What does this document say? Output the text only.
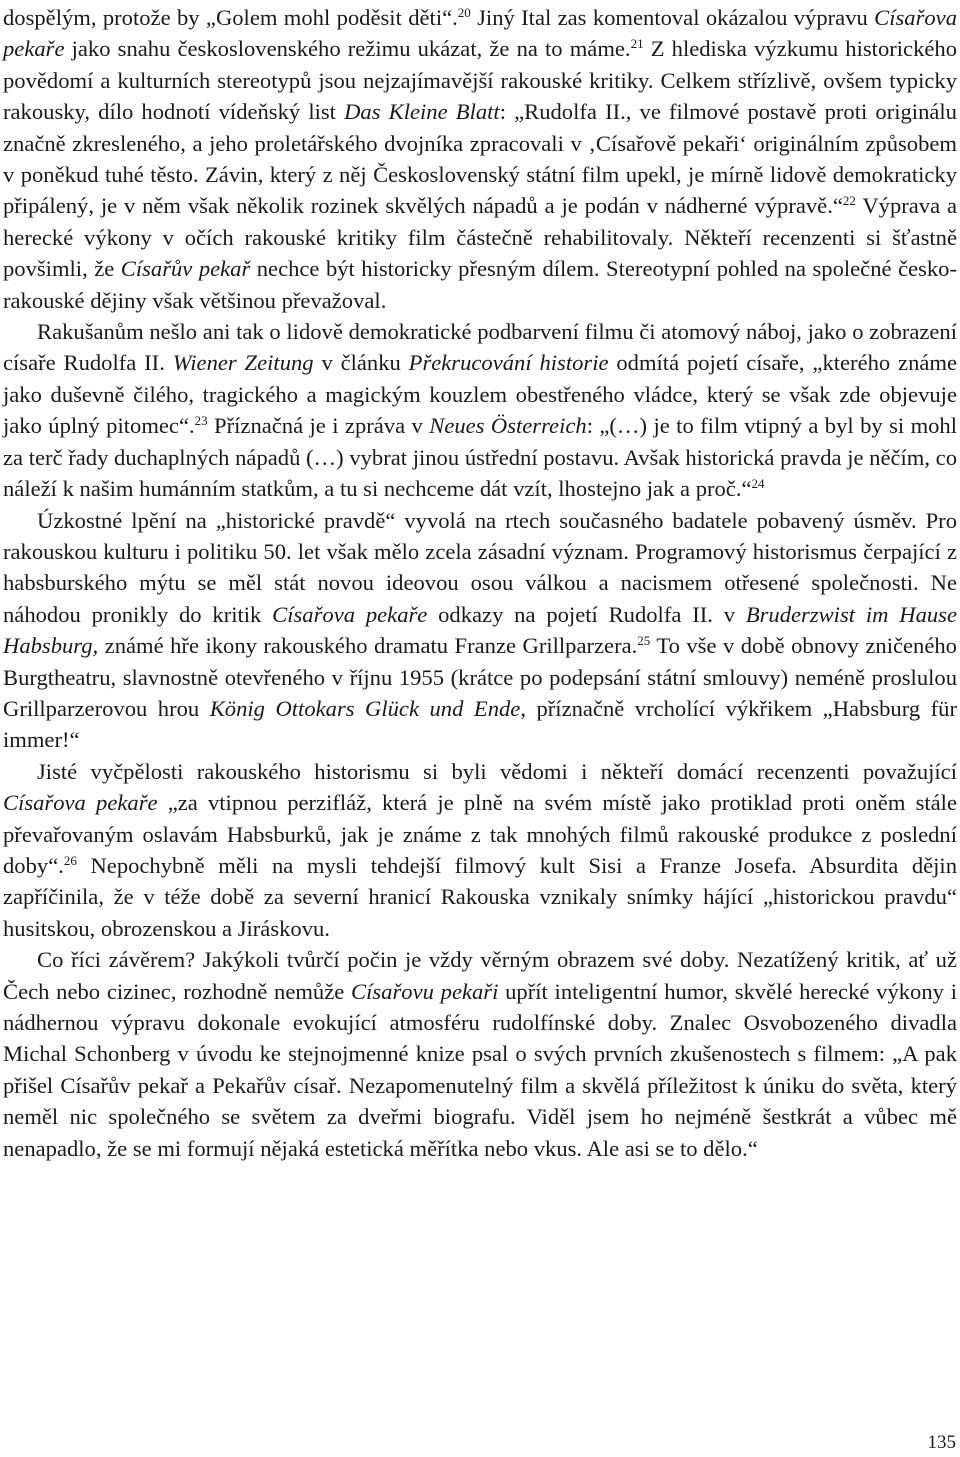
dospělým, protože by „Golem mohl poděsit děti“.$^{20}$ Jiný Ital zas komentoval okázalou výpravu Císařova pekaře jako snahu československého režimu ukázat, že na to máme.$^{21}$ Z hlediska výzkumu historického povědomí a kulturních stereotypů jsou nejzajímavější rakouské kritiky. Celkem střízlivě, ovšem typicky rakousky, dílo hodnotí vídeňský list Das Kleine Blatt: „Rudolfa II., ve filmové postavě proti originálu značně zkresleného, a jeho proletářského dvojníka zpracovali v ‚Císařově pekaři‘ originálním způsobem v poněkud tuhé těsto. Závin, který z něj Československý státní film upekl, je mírně lidově demokraticky připálený, je v něm však několik rozinek skvělých nápadů a je podán v nádherné výpravě.“$^{22}$ Výprava a herecké výkony v očích rakouské kritiky film částečně rehabilitovaly. Někteří recenzenti si šťastně povšimli, že Císařův pekař nechce být historicky přesným dílem. Stereotypní pohled na společné česko-rakouské dějiny však většinou převažoval.

Rakušanům nešlo ani tak o lidově demokratické podbarvení filmu či atomový náboj, jako o zobrazení císaře Rudolfa II. Wiener Zeitung v článku Překrucování historie odmítá pojetí císaře, „kterého známe jako duševně čilého, tragického a magickým kouzlem obestřeného vládce, který se však zde objevuje jako úplný pitomec“.$^{23}$ Příznačná je i zpráva v Neues Österreich: „(…) je to film vtipný a byl by si mohl za terč řady duchaplných nápadů (…) vybrat jinou ústřední postavu. Avšak historická pravda je něčím, co náleží k našim humánním statkům, a tu si nechceme dát vzít, lhostejno jak a proč.“$^{24}$

Úzkostné lpění na „historické pravdě“ vyvolá na rtech současného badatele pobavený úsměv. Pro rakouskou kulturu i politiku 50. let však mělo zcela zásadní význam. Programový historismus čerpající z habsburského mýtu se měl stát novou ideovou osou válkou a nacismem otřesené společnosti. Ne náhodou pronikly do kritik Císařova pekaře odkazy na pojetí Rudolfa II. v Bruderzwist im Hause Habsburg, známé hře ikony rakouského dramatu Franze Grillparzera.$^{25}$ To vše v době obnovy zničeného Burgtheatru, slavnostně otevřeného v říjnu 1955 (krátce po podepsání státní smlouvy) neméně proslulou Grillparzerovou hrou König Ottokars Glück und Ende, příznačně vrcholící výkřikem „Habsburg für immer!“

Jisté vyčpělosti rakouského historismu si byli vědomi i někteří domácí recenzenti považující Císařova pekaře „za vtipnou perzifláž, která je plně na svém místě jako protiklad proti oněm stále převařovaným oslavám Habsburků, jak je známe z tak mnohých filmů rakouské produkce z poslední doby“.$^{26}$ Nepochybně měli na mysli tehdejší filmový kult Sisi a Franze Josefa. Absurdita dějin zapříčinila, že v téže době za severní hranicí Rakouska vznikaly snímky hájící „historickou pravdu“ husitskou, obrozenskou a Jiráskovu.

Co říci závěrem? Jakýkoli tvůrčí počin je vždy věrným obrazem své doby. Nezatížený kritik, ať už Čech nebo cizinec, rozhodně nemůže Císařovu pekaři upřít inteligentní humor, skvělé herecké výkony i nádhernou výpravu dokonale evokující atmosféru rudolfínské doby. Znalec Osvobozeného divadla Michal Schonberg v úvodu ke stejnojmenné knize psal o svých prvních zkušenostech s filmem: „A pak přišel Císařův pekař a Pekařův císař. Nezapomenutelný film a skvělá příležitost k úniku do světa, který neměl nic společného se světem za dveřmi biografu. Viděl jsem ho nejméně šestkrát a vůbec mě nenapadlo, že se mi formují nějaká estetická měřítka nebo vkus. Ale asi se to dělo.“

135
